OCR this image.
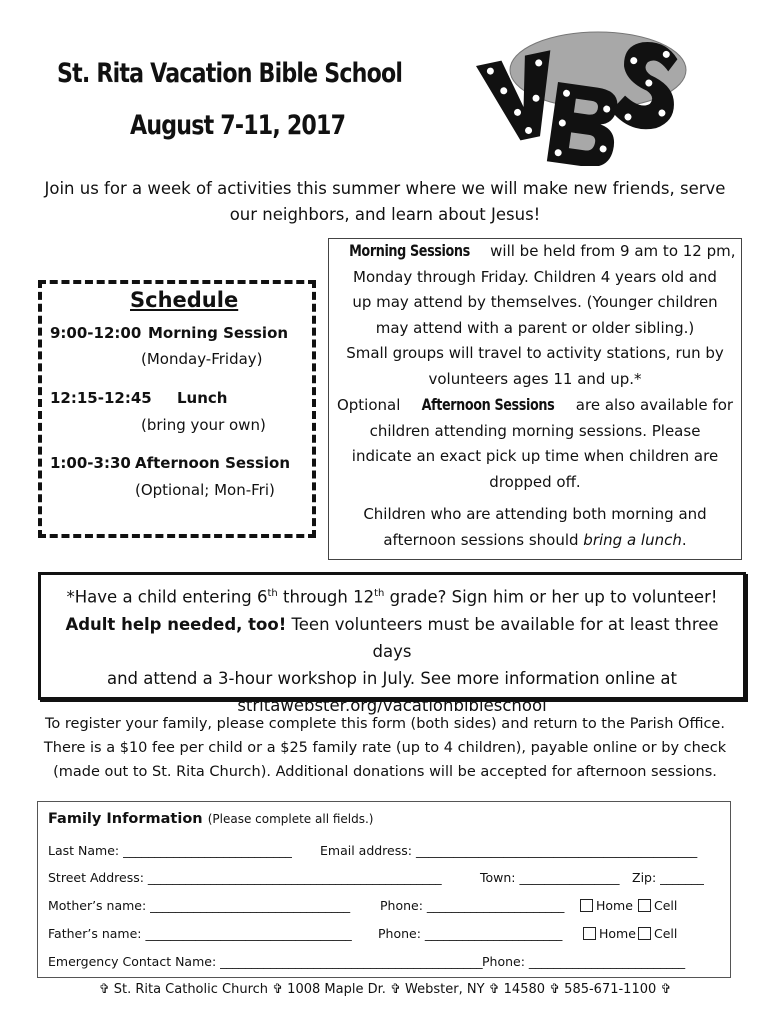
St. Rita Vacation Bible School
August 7-11, 2017
Join us for a week of activities this summer where we will make new friends, serve
our neighbors, and learn about Jesus!
Schedule
9:00-12:00 Morning Session
(Monday-Friday)
12:15-12:45 Lunch
(bring your own)
1:00-3:30 Afternoon Session
(Optional; Mon-Fri)
Morning Sessions will be held from 9 am to 12 pm,
Monday through Friday. Children 4 years old and
up may attend by themselves. (Younger children
may attend with a parent or older sibling.)
Small groups will travel to activity stations, run by
volunteers ages 11 and up.*
Optional Afternoon Sessions are also available for
children attending morning sessions. Please
indicate an exact pick up time when children are
dropped off.
Children who are attending both morning and
afternoon sessions should bring a lunch.
*Have a child entering 6th through 12th grade? Sign him or her up to volunteer!
Adult help needed, too! Teen volunteers must be available for at least three days
and attend a 3-hour workshop in July. See more information online at
stritawebster.org/vacationbibleschool
To register your family, please complete this form (both sides) and return to the Parish Office.
There is a $10 fee per child or a $25 family rate (up to 4 children), payable online or by check
(made out to St. Rita Church). Additional donations will be accepted for afternoon sessions.
Family Information (Please complete all fields.)
Last Name: ___________________________ Email address: _____________________________________________
Street Address: _______________________________________________	Town: ________________ Zip: _______
Mother’s name: ________________________________ Phone: ______________________	Home	Cell
Father’s name: _________________________________ Phone: ______________________	Home	Cell
Emergency Contact Name: __________________________________________ Phone: _________________________
✞ St. Rita Catholic Church ✞ 1008 Maple Dr. ✞ Webster, NY ✞ 14580 ✞ 585-671-1100 ✞
